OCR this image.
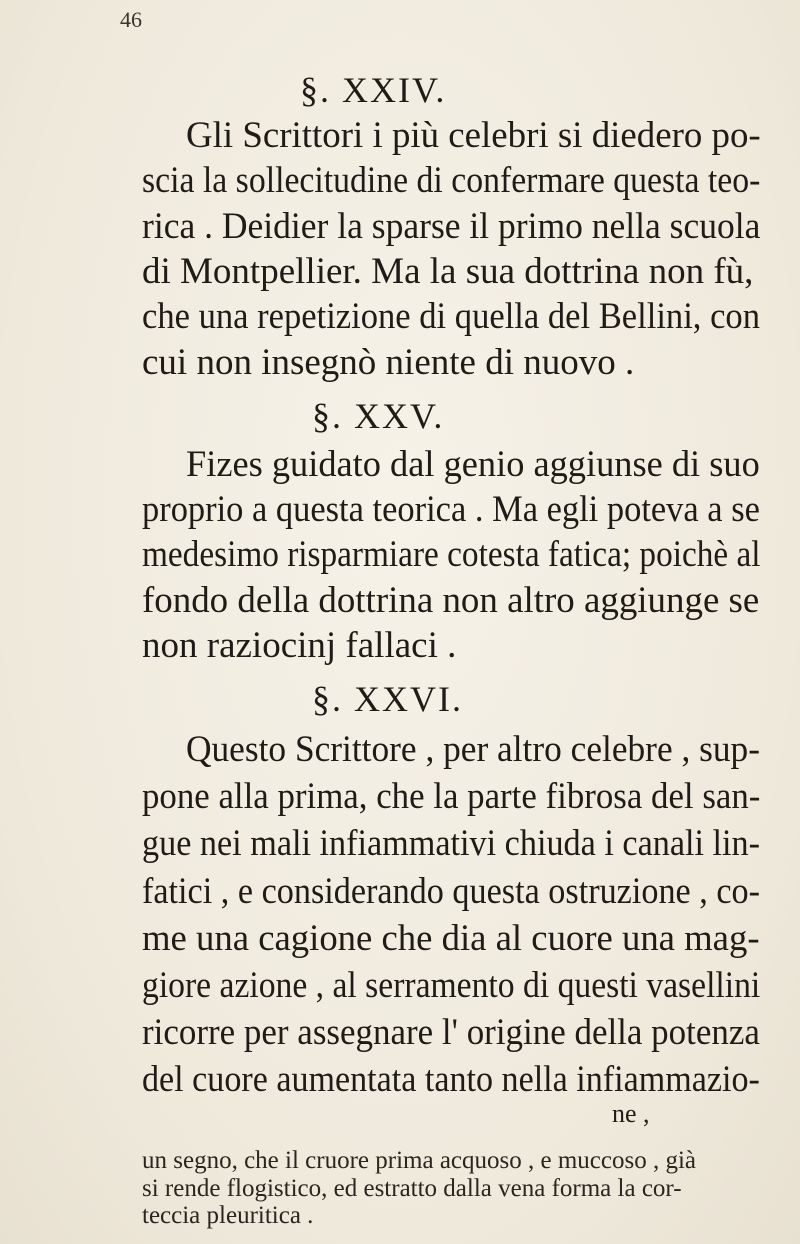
46
§. XXIV.
Gli Scrittori i più celebri si diedero po-
scia la sollecitudine di confermare questa teo-
rica . Deidier la sparse il primo nella scuola
di Montpellier. Ma la sua dottrina non fù,
che una repetizione di quella del Bellini, con
cui non insegnò niente di nuovo .
§. XXV.
Fizes guidato dal genio aggiunse di suo
proprio a questa teorica . Ma egli poteva a se
medesimo risparmiare cotesta fatica; poichè al
fondo della dottrina non altro aggiunge se
non raziocinj fallaci .
§. XXVI.
Questo Scrittore , per altro celebre , sup-
pone alla prima, che la parte fibrosa del san-
gue nei mali infiammativi chiuda i canali lin-
fatici , e considerando questa ostruzione , co-
me una cagione che dia al cuore una mag-
giore azione , al serramento di questi vasellini
ricorre per assegnare l' origine della potenza
del cuore aumentata tanto nella infiammazio-
ne ,
un segno, che il cruore prima acquoso , e muccoso , già
si rende flogistico, ed estratto dalla vena forma la cor-
teccia pleuritica .
